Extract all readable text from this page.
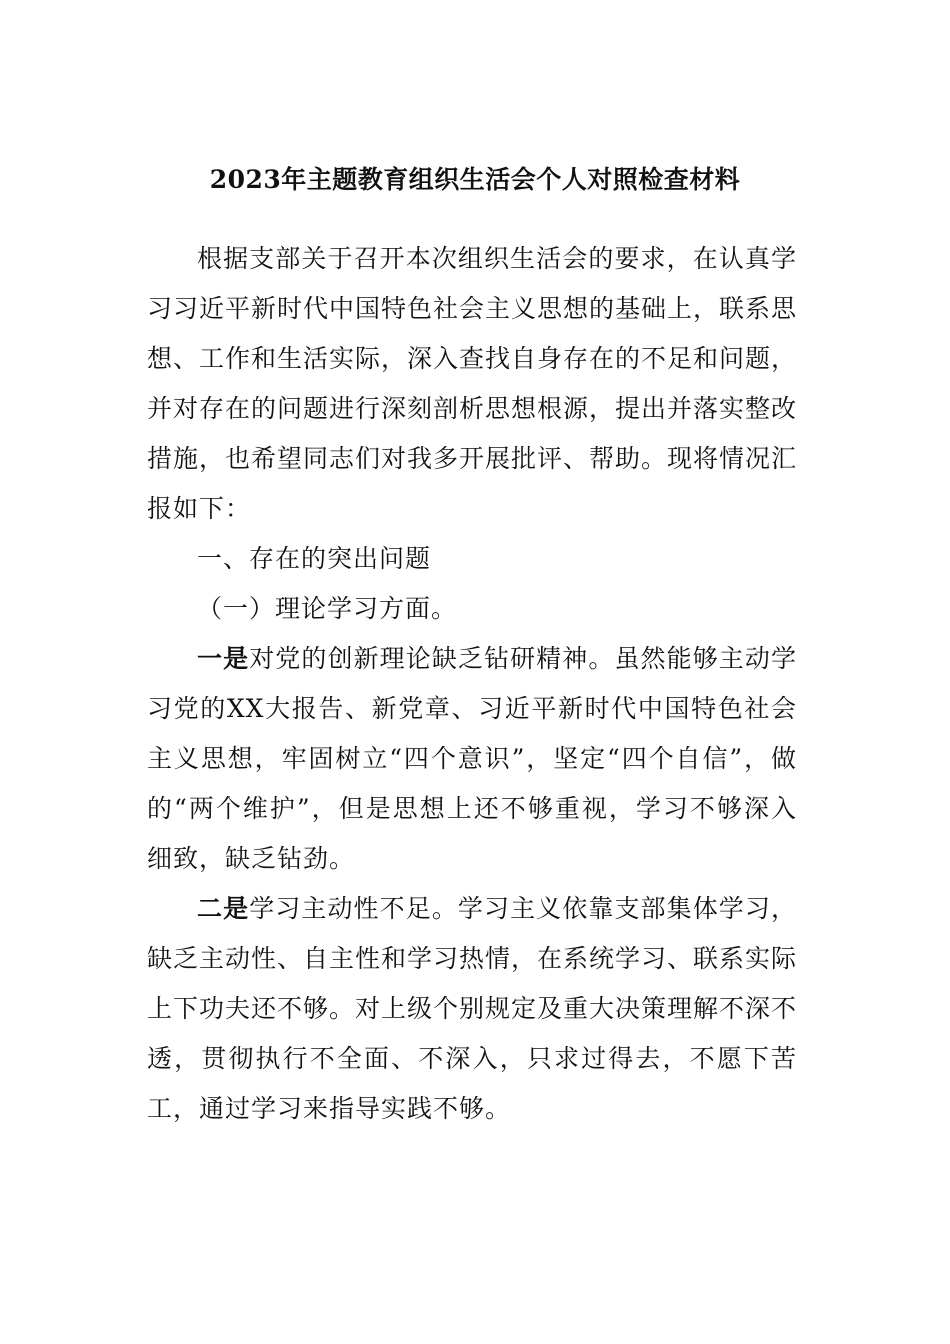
2023年主题教育组织生活会个人对照检查材料

根据支部关于召开本次组织生活会的要求，在认真学习习近平新时代中国特色社会主义思想的基础上，联系思想、工作和生活实际，深入查找自身存在的不足和问题，并对存在的问题进行深刻剖析思想根源，提出并落实整改措施，也希望同志们对我多开展批评、帮助。现将情况汇报如下：

一、存在的突出问题

（一）理论学习方面。

一是对党的创新理论缺乏钻研精神。虽然能够主动学习党的XX大报告、新党章、习近平新时代中国特色社会主义思想，牢固树立“四个意识”，坚定“四个自信”，做的“两个维护”，但是思想上还不够重视，学习不够深入细致，缺乏钻劲。

二是学习主动性不足。学习主义依靠支部集体学习，缺乏主动性、自主性和学习热情，在系统学习、联系实际上下功夫还不够。对上级个别规定及重大决策理解不深不透，贯彻执行不全面、不深入，只求过得去，不愿下苦工，通过学习来指导实践不够。
